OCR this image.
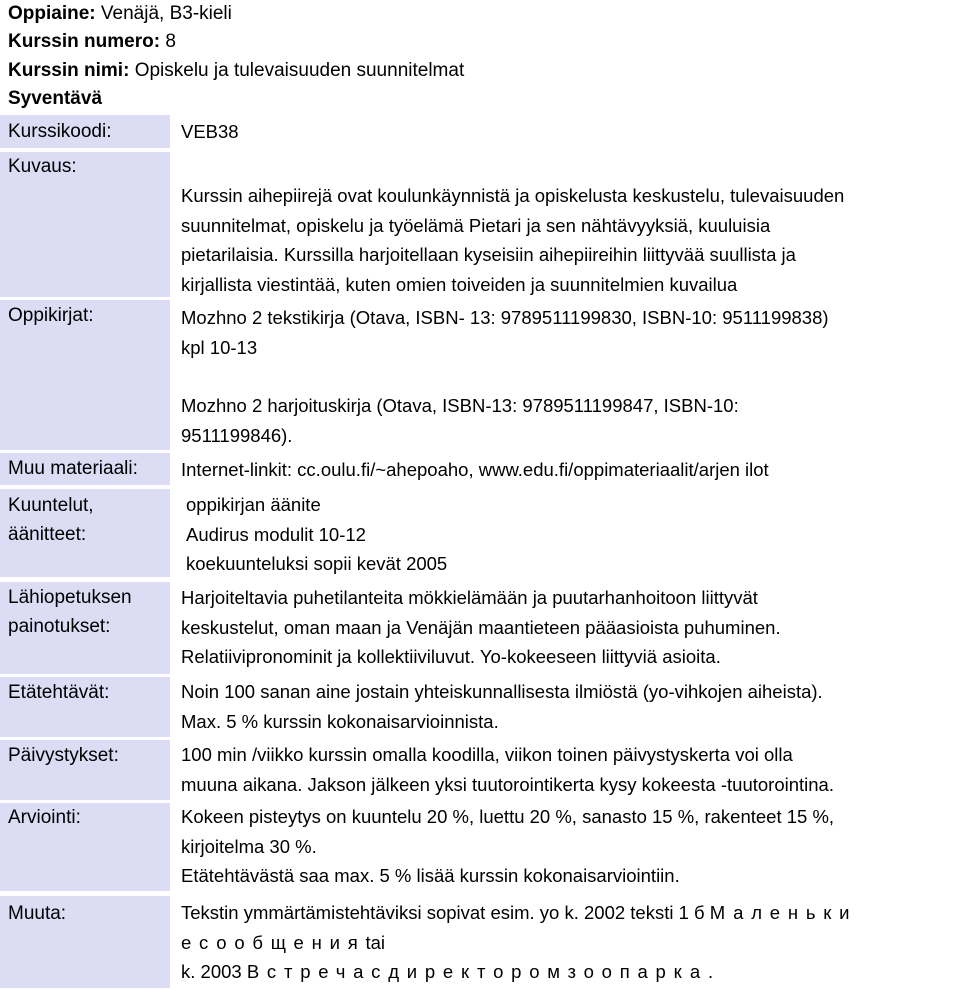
Oppiaine: Venäjä, B3-kieli
Kurssin numero: 8
Kurssin nimi: Opiskelu ja tulevaisuuden suunnitelmat
Syventävä
Kurssikoodi:	VEB38
Kuvaus:
Kurssin aihepiirejä ovat koulunkäynnistä ja opiskelusta keskustelu, tulevaisuuden
suunnitelmat, opiskelu ja työelämä Pietari ja sen nähtävyyksiä, kuuluisia
pietarilaisia. Kurssilla harjoitellaan kyseisiin aihepiireihin liittyvää suullista ja
kirjallista viestintää, kuten omien toiveiden ja suunnitelmien kuvailua
Oppikirjat:	Mozhno 2 tekstikirja (Otava, ISBN- 13: 9789511199830, ISBN-10: 9511199838)
kpl 10-13
Mozhno 2 harjoituskirja (Otava, ISBN-13: 9789511199847, ISBN-10:
9511199846).
Muu materiaali:	Internet-linkit: cc.oulu.fi/~ahepoaho, www.edu.fi/oppimateriaalit/arjen ilot
Kuuntelut,
äänitteet:
oppikirjan äänite
Audirus modulit 10-12
koekuunteluksi sopii kevät 2005
Lähiopetuksen
painotukset:
Harjoiteltavia puhetilanteita mökkielämään ja puutarhanhoitoon liittyvät
keskustelut, oman maan ja Venäjän maantieteen pääasioista puhuminen.
Relatiivipronominit ja kollektiiviluvut. Yo-kokeeseen liittyviä asioita.
Etätehtävät:	Noin 100 sanan aine jostain yhteiskunnallisesta ilmiöstä (yo-vihkojen aiheista).
Max. 5 % kurssin kokonaisarvioinnista.
Päivystykset:	100 min /viikko kurssin omalla koodilla, viikon toinen päivystyskerta voi olla
muuna aikana. Jakson jälkeen yksi tuutorointikerta kysy kokeesta -tuutorointina.
Arviointi:	Kokeen pisteytys on kuuntelu 20 %, luettu 20 %, sanasto 15 %, rakenteet 15 %,
kirjoitelma 30 %.
Etätehtävästä saa max. 5 % lisää kurssin kokonaisarviointiin.
Muuta:	Tekstin ymmärtämistehtäviksi sopivat esim. yo k. 2002 teksti 1 б Маленьки
есообщенияtai
k. 2003 Встречасдиректоромзоопарка.
